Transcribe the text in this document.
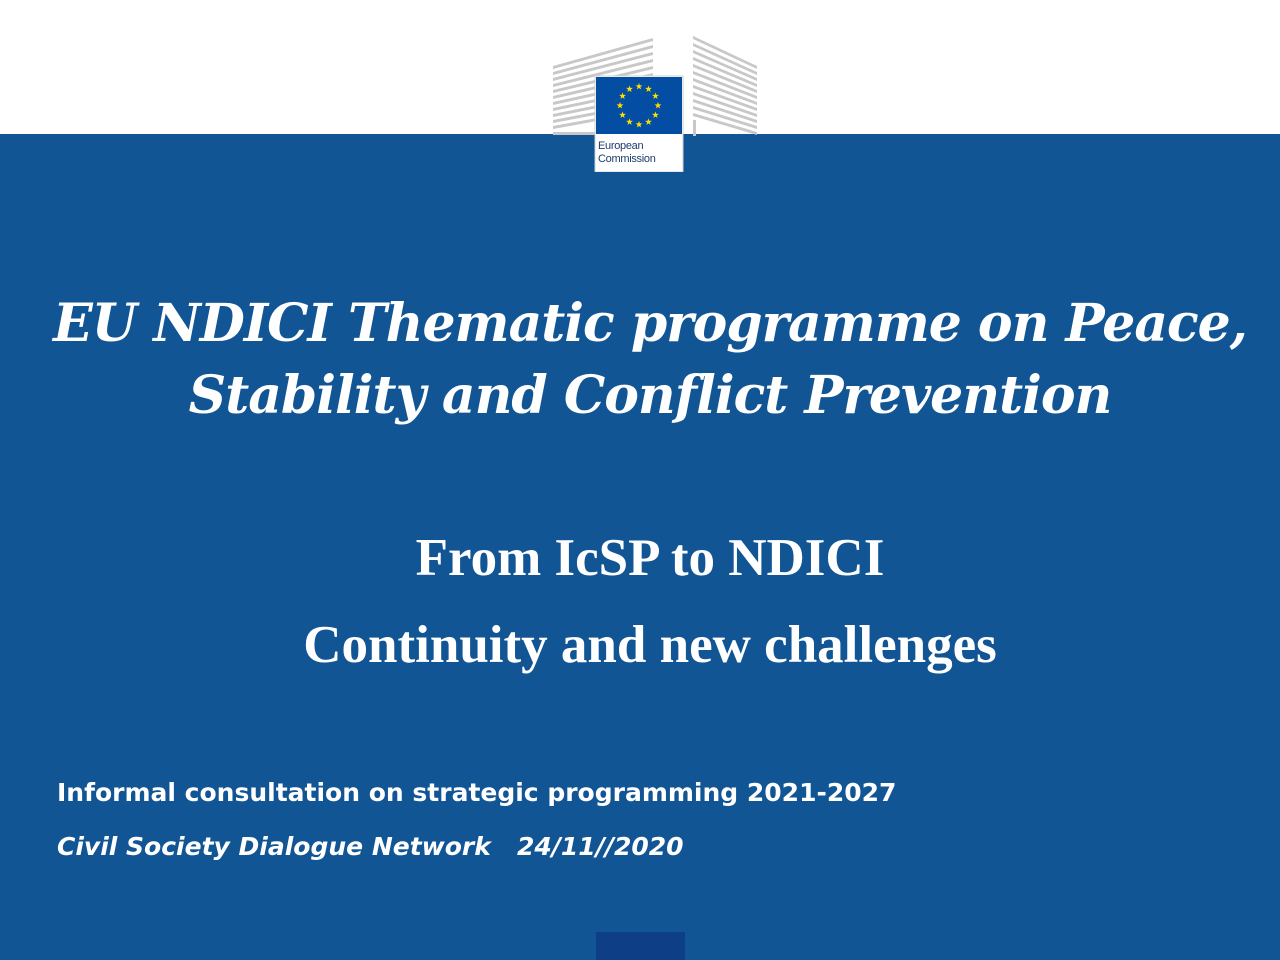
European
Commission
EU NDICI Thematic programme on Peace,
Stability and Conflict Prevention
From IcSP to NDICI
Continuity and new challenges

Informal consultation on strategic programming 2021-2027

Civil Society Dialogue Network   24/11//2020
